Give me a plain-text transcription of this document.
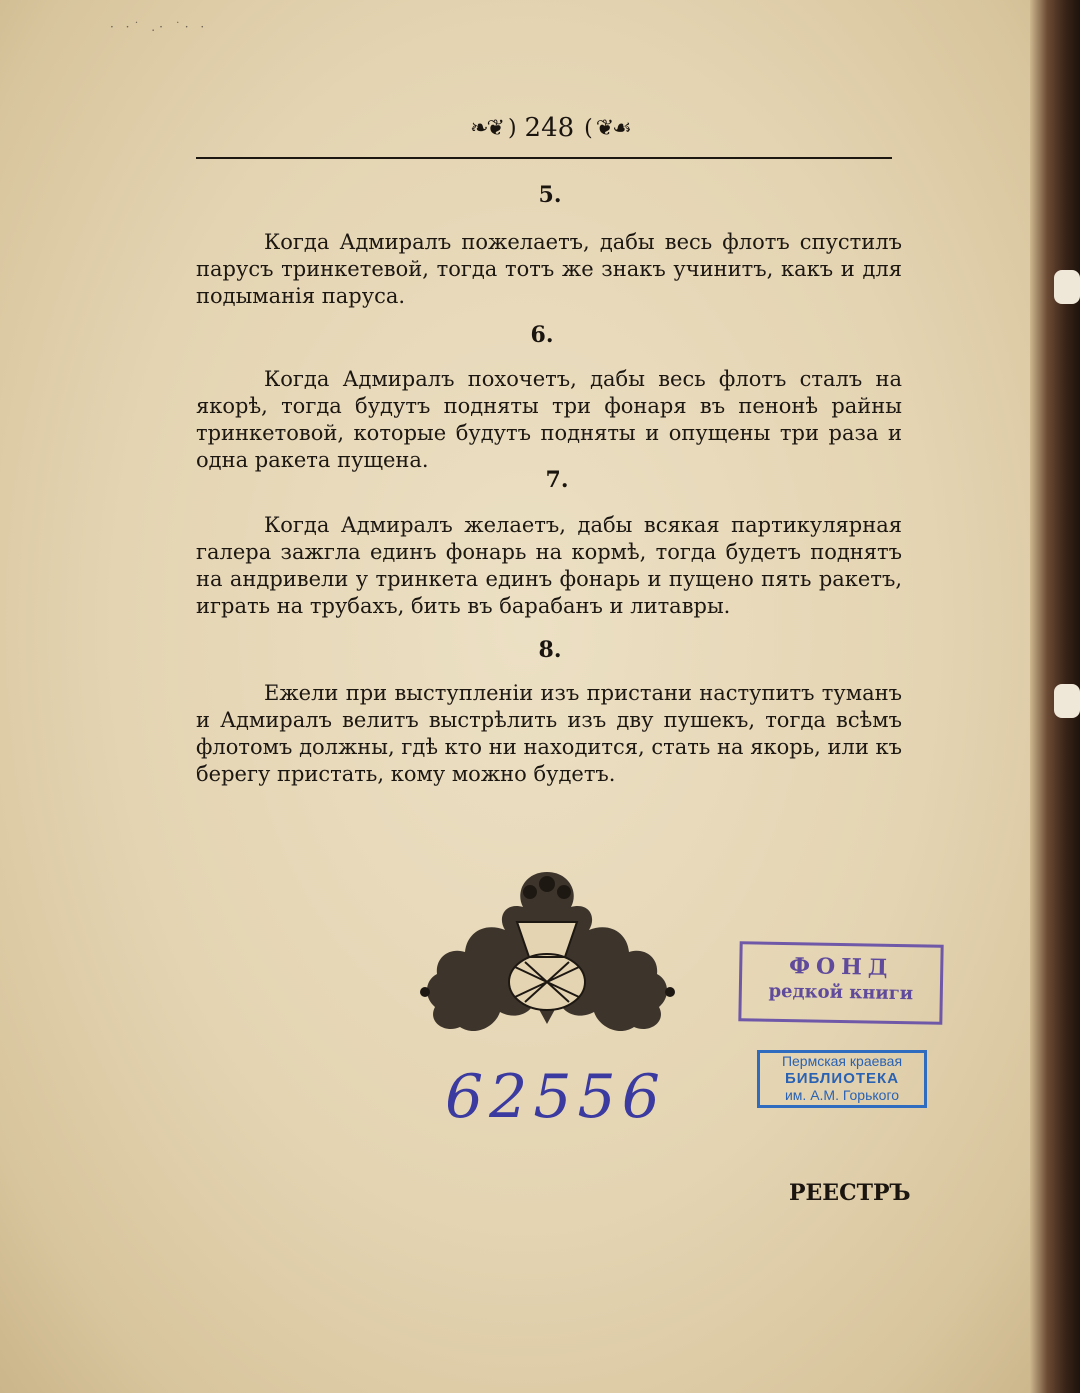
· ·˙ .· ˙· ·
❧❦ ) 248 ( ❦☙
5.
Когда Адмиралъ пожелаетъ, дабы весь флотъ спустилъ парусъ тринкетевой, тогда тотъ же знакъ учинитъ, какъ и для подыманія паруса.
6.
Когда Адмиралъ похочетъ, дабы весь флотъ сталъ на якорѣ, тогда будутъ подняты три фонаря въ пенонѣ райны тринкетовой, которые будутъ подняты и опущены три раза и одна ракета пущена.
7.
Когда Адмиралъ желаетъ, дабы всякая партикулярная галера зажгла единъ фонарь на кормѣ, тогда будетъ поднятъ на андривели у тринкета единъ фонарь и пущено пять ракетъ, играть на трубахъ, бить въ барабанъ и литавры.
8.
Ежели при выступленіи изъ пристани наступитъ туманъ и Адмиралъ велитъ выстрѣлить изъ дву пушекъ, тогда всѣмъ флотомъ должны, гдѣ кто ни находится, стать на якорь, или къ берегу пристать, кому можно будетъ.
ФОНД
редкой книги
Пермская краевая
БИБЛИОТЕКА
им. А.М. Горького
62556
РЕЕСТРЪ
